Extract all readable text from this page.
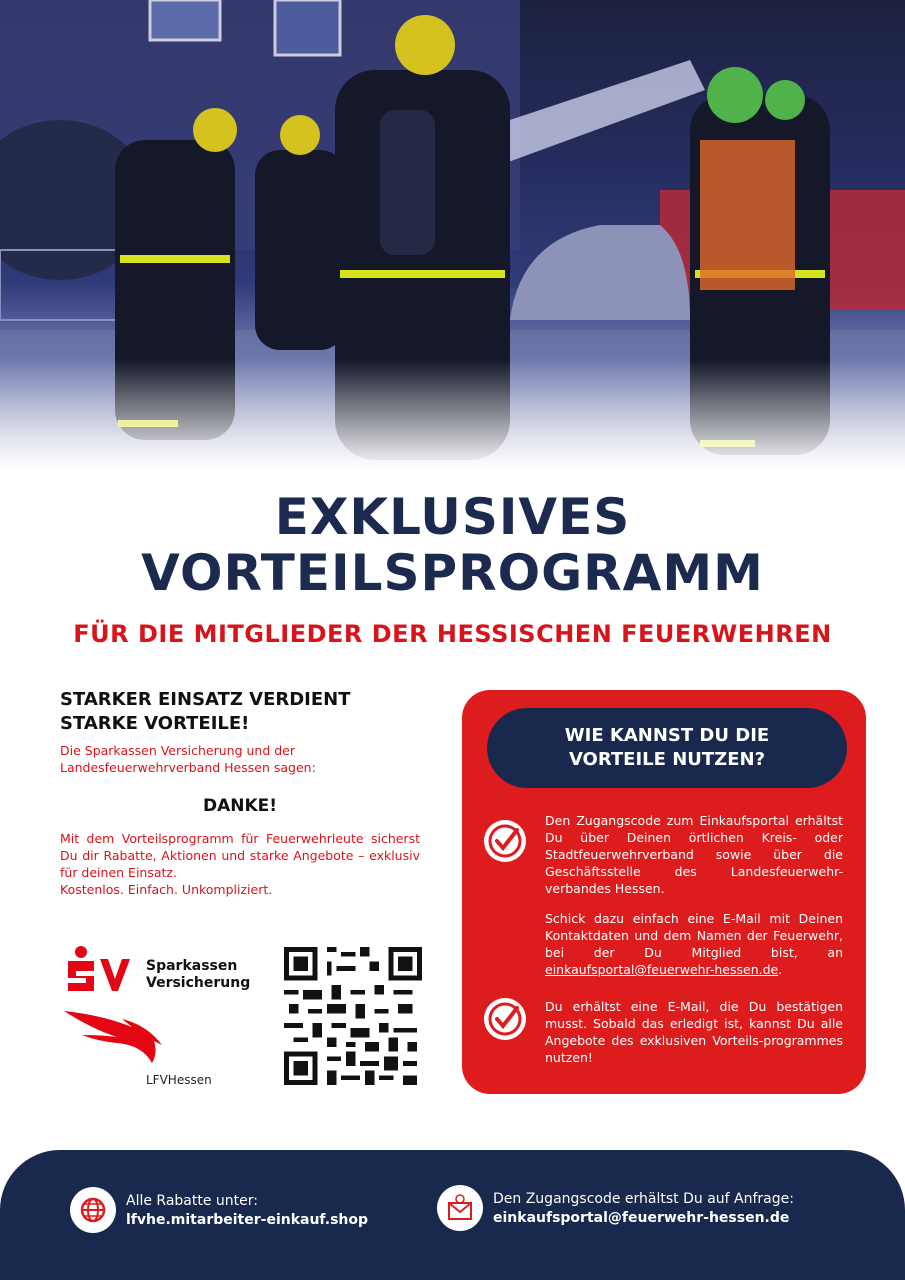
EXKLUSIVES
VORTEILSPROGRAMM
FÜR DIE MITGLIEDER DER HESSISCHEN FEUERWEHREN

STARKER EINSATZ VERDIENT

STARKE VORTEILE!

Die Sparkassen Versicherung und der

Landesfeuerwehrverband Hessen sagen:

DANKE!

Mit dem Vorteilsprogramm für Feuerwehrleute sicherst Du dir Rabatte, Aktionen und starke Angebote – exklusiv für deinen Einsatz.

Kostenlos. Einfach. Unkompliziert.

Sparkassen
Versicherung
LFVHessen
WIE KANNST DU DIE
VORTEILE NUTZEN?

Den Zugangscode zum Einkaufsportal erhältst Du über Deinen örtlichen Kreis- oder Stadtfeuerwehrverband sowie über die Geschäftsstelle des Landesfeuerwehr-verbandes Hessen.

Schick dazu einfach eine E-Mail mit Deinen Kontaktdaten und dem Namen der Feuerwehr, bei der Du Mitglied bist, an einkaufsportal@feuerwehr-hessen.de.

Du erhältst eine E-Mail, die Du bestätigen musst. Sobald das erledigt ist, kannst Du alle Angebote des exklusiven Vorteils-programmes nutzen!

Alle Rabatte unter:
lfvhe.mitarbeiter-einkauf.shop
Den Zugangscode erhältst Du auf Anfrage:
einkaufsportal@feuerwehr-hessen.de
